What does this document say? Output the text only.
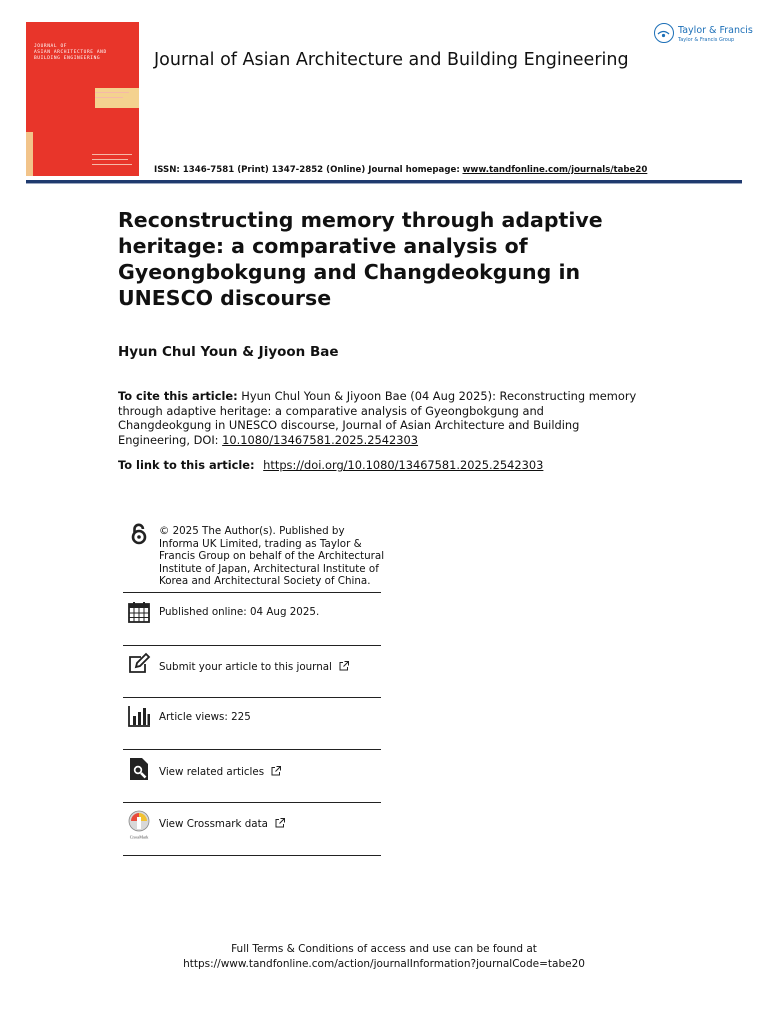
JOURNAL OF
ASIAN ARCHITECTURE AND
BUILDING ENGINEERING	Journal of Asian Architecture and Building Engineering
Taylor & Francis
Taylor & Francis Group
ISSN: 1346-7581 (Print) 1347-2852 (Online) Journal homepage: www.tandfonline.com/journals/tabe20
Reconstructing memory through adaptive heritage: a comparative analysis of Gyeongbokgung and Changdeokgung in UNESCO discourse
Hyun Chul Youn & Jiyoon Bae
To cite this article: Hyun Chul Youn & Jiyoon Bae (04 Aug 2025): Reconstructing memory through adaptive heritage: a comparative analysis of Gyeongbokgung and Changdeokgung in UNESCO discourse, Journal of Asian Architecture and Building Engineering, DOI: 10.1080/13467581.2025.2542303
To link to this article: https://doi.org/10.1080/13467581.2025.2542303
© 2025 The Author(s). Published by Informa UK Limited, trading as Taylor & Francis Group on behalf of the Architectural Institute of Japan, Architectural Institute of Korea and Architectural Society of China.
Published online: 04 Aug 2025.
Submit your article to this journal
Article views: 225
View related articles
CrossMark
View Crossmark data
Full Terms & Conditions of access and use can be found at
https://www.tandfonline.com/action/journalInformation?journalCode=tabe20
